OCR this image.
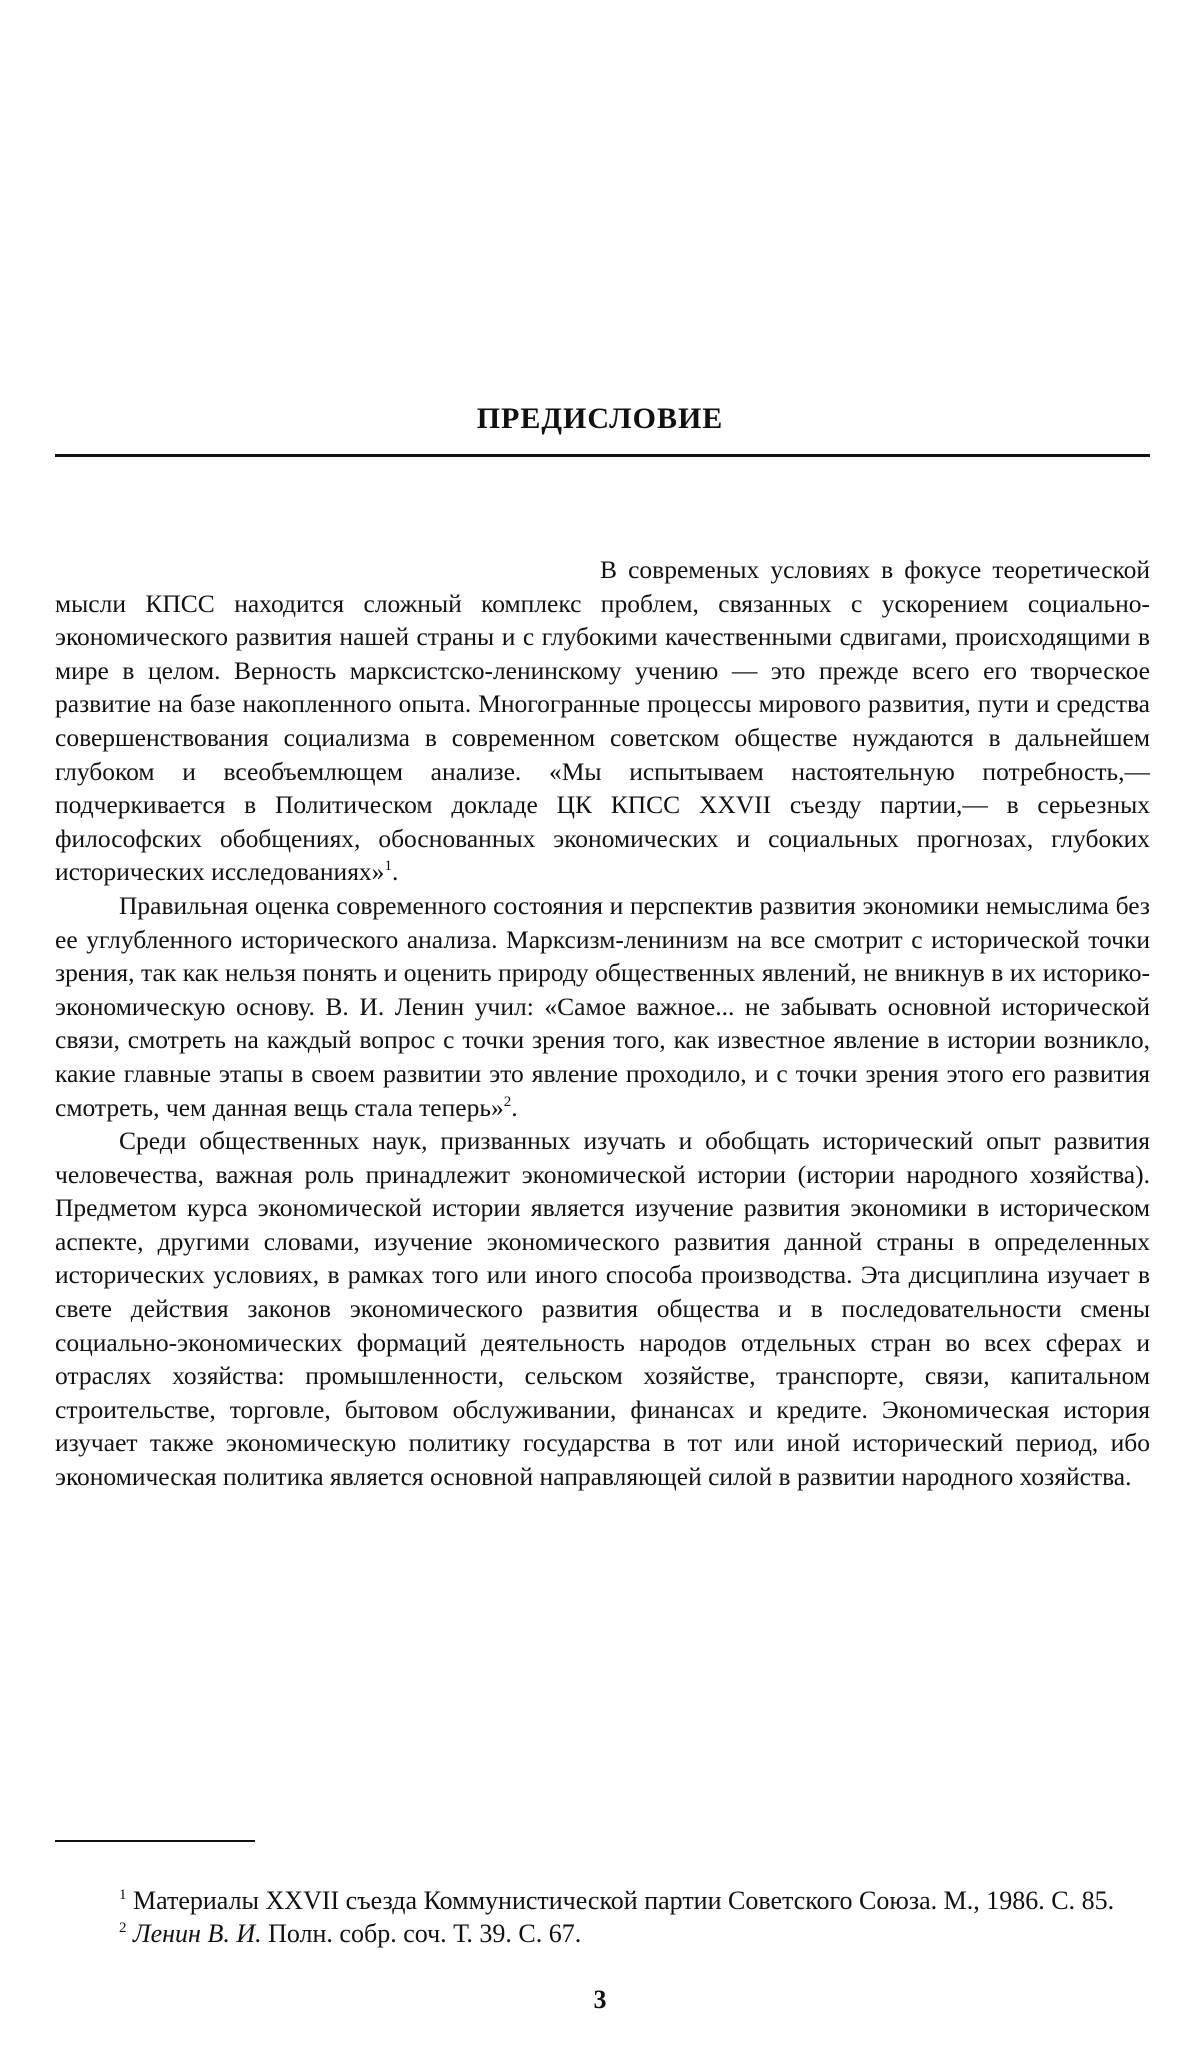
ПРЕДИСЛОВИЕ

В современых условиях в фокусе теоретической мысли КПСС находится сложный комплекс проблем, связанных с ускорением социально-экономического развития нашей страны и с глубокими качественными сдвигами, происходящими в мире в целом. Верность марксистско-ленинскому учению — это прежде всего его творческое развитие на базе накопленного опыта. Многогранные процессы мирового развития, пути и средства совершенствования социализма в современном советском обществе нуждаются в дальнейшем глубоком и всеобъемлющем анализе. «Мы испытываем настоятельную потребность,— подчеркивается в Политическом докладе ЦК КПСС XXVII съезду партии,— в серьезных философских обобщениях, обоснованных экономических и социальных прогнозах, глубоких исторических исследованиях»$^1$.

Правильная оценка современного состояния и перспектив развития экономики немыслима без ее углубленного исторического анализа. Марксизм-ленинизм на все смотрит с исторической точки зрения, так как нельзя понять и оценить природу общественных явлений, не вникнув в их историко-экономическую основу. В. И. Ленин учил: «Самое важное... не забывать основной исторической связи, смотреть на каждый вопрос с точки зрения того, как известное явление в истории возникло, какие главные этапы в своем развитии это явление проходило, и с точки зрения этого его развития смотреть, чем данная вещь стала теперь»$^2$.

Среди общественных наук, призванных изучать и обобщать исторический опыт развития человечества, важная роль принадлежит экономической истории (истории народного хозяйства). Предметом курса экономической истории является изучение развития экономики в историческом аспекте, другими словами, изучение экономического развития данной страны в определенных исторических условиях, в рамках того или иного способа производства. Эта дисциплина изучает в свете действия законов экономического развития общества и в последовательности смены социально-экономических формаций деятельность народов отдельных стран во всех сферах и отраслях хозяйства: промышленности, сельском хозяйстве, транспорте, связи, капитальном строительстве, торговле, бытовом обслуживании, финансах и кредите. Экономическая история изучает также экономическую политику государства в тот или иной исторический период, ибо экономическая политика является основной направляющей силой в развитии народного хозяйства.

$^1$ Материалы XXVII съезда Коммунистической партии Советского Союза. М., 1986. С. 85.

$^2$ Ленин В. И. Полн. собр. соч. Т. 39. С. 67.

3
